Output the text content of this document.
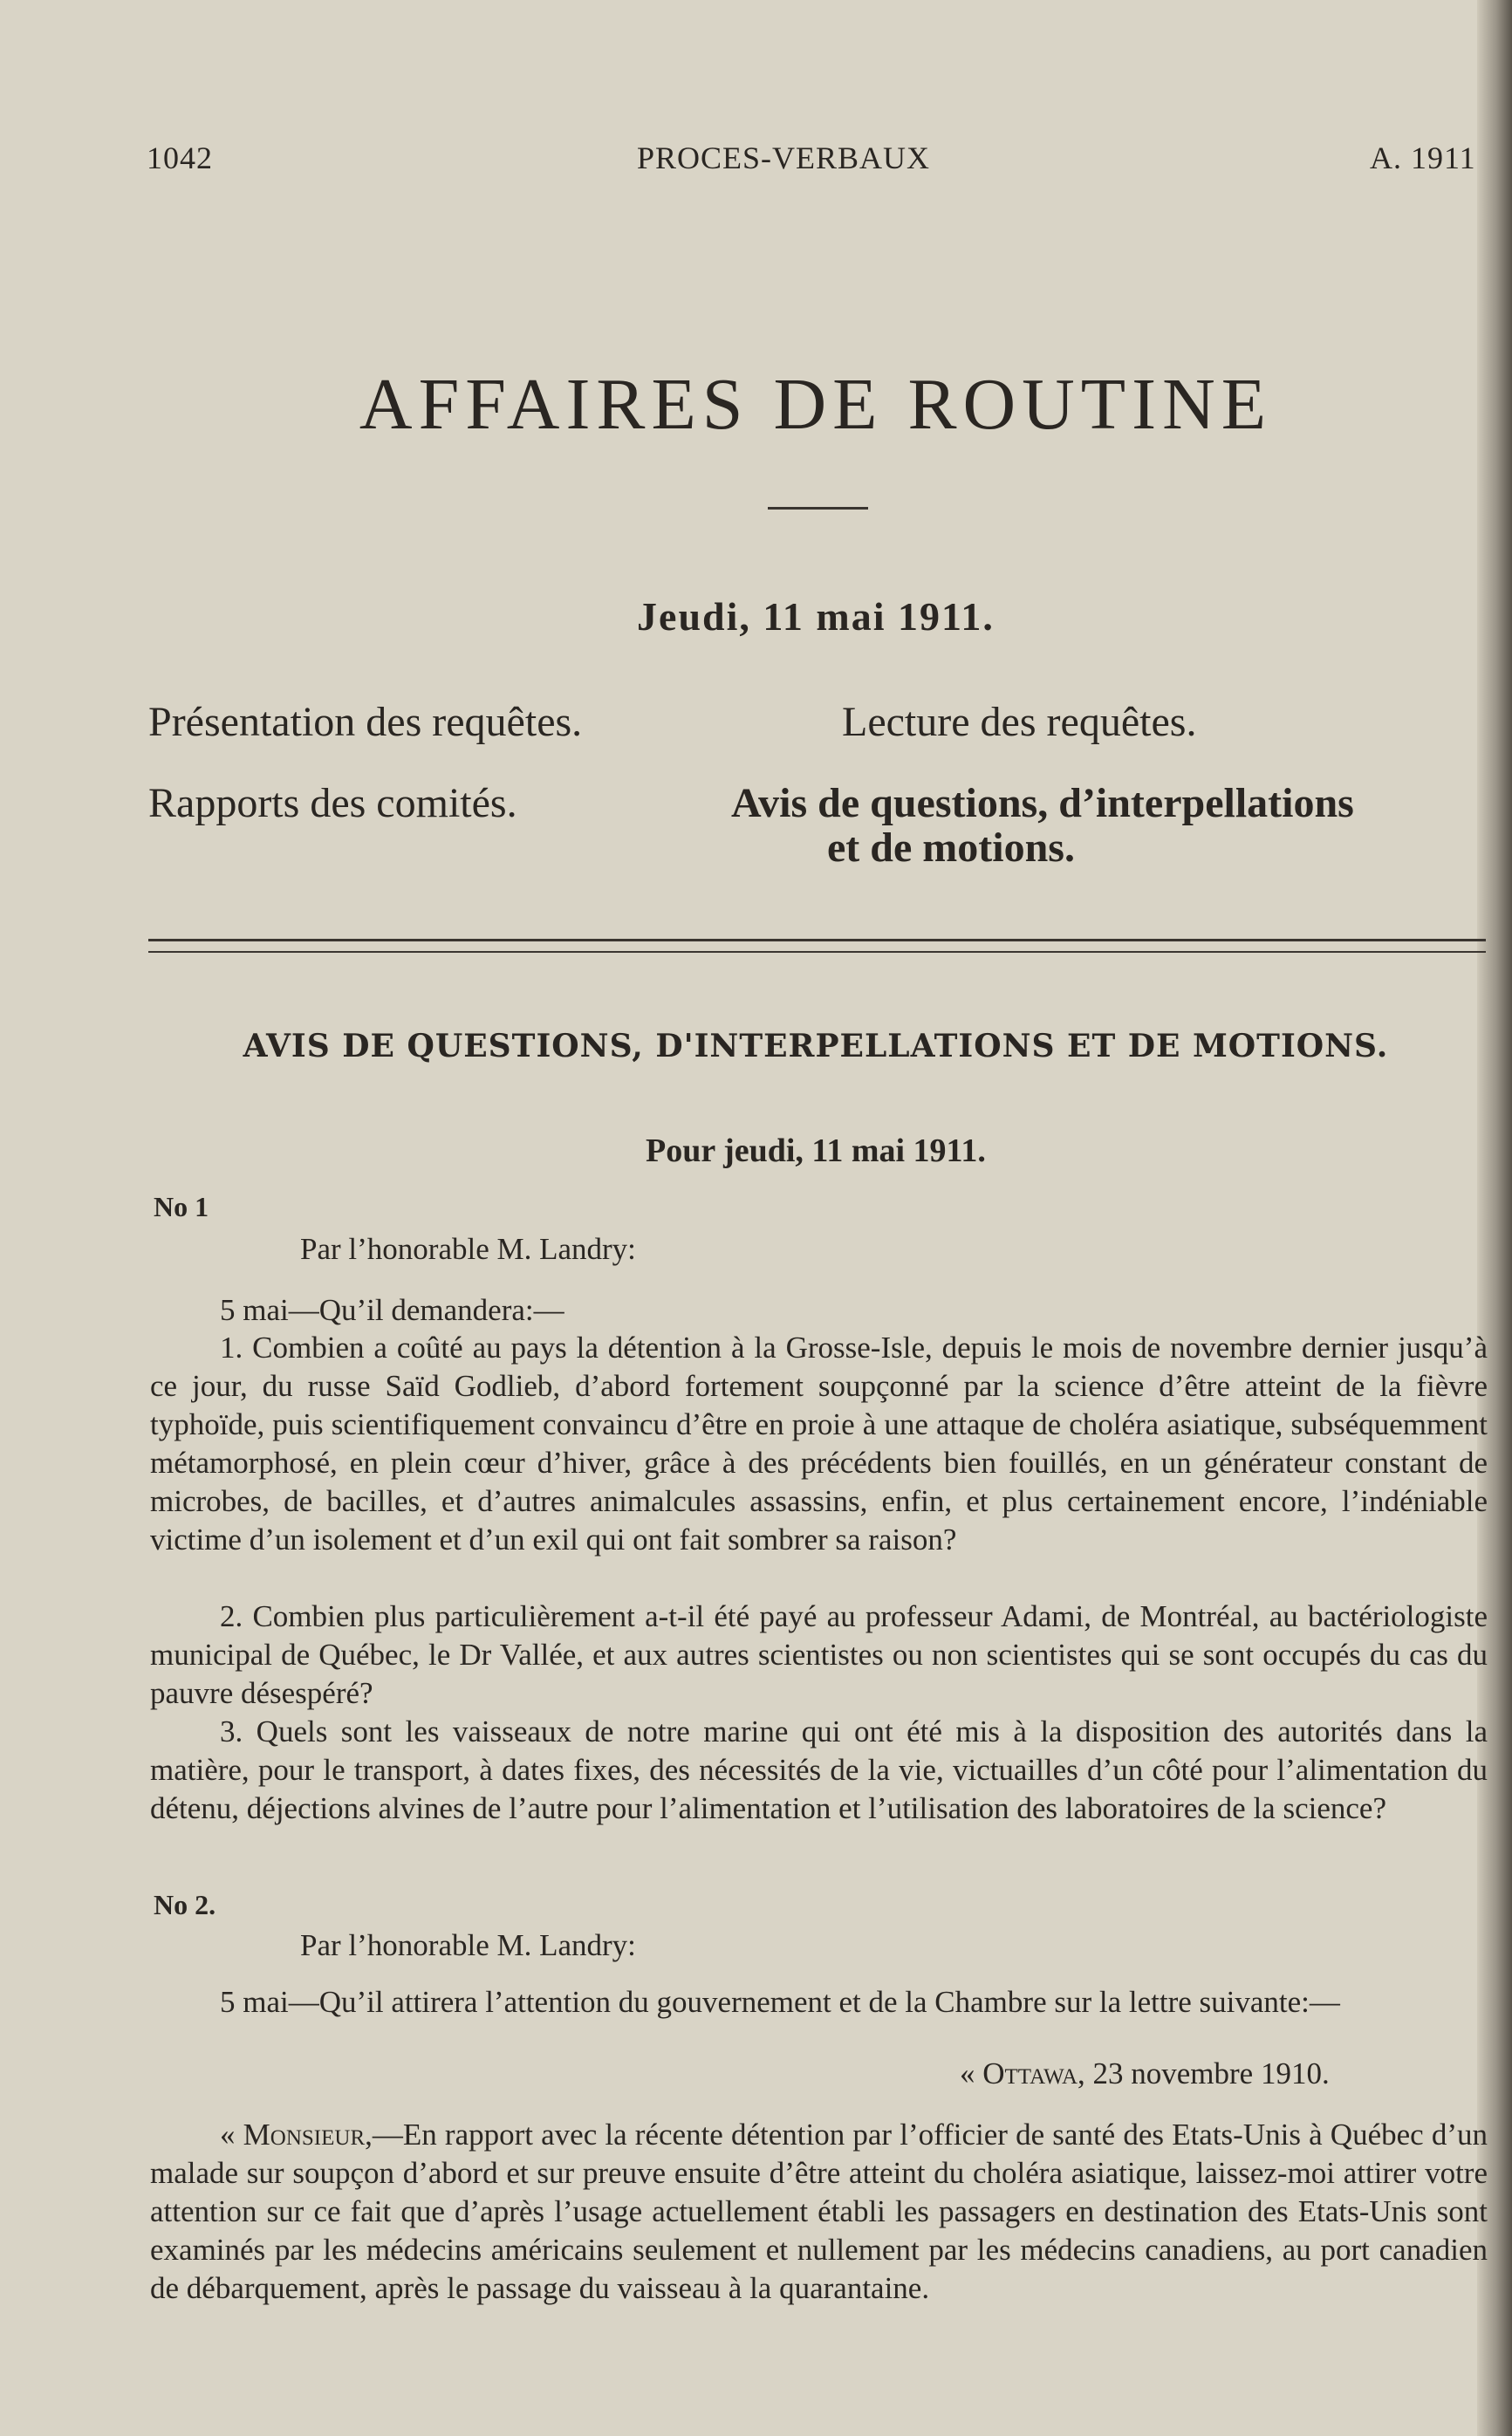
1042	PROCES-VERBAUX	A. 1911
AFFAIRES DE ROUTINE
Jeudi, 11 mai 1911.
Présentation des requêtes.	Lecture des requêtes.
Rapports des comités.	Avis de questions, d’interpellations
et de motions.
AVIS DE QUESTIONS, D'INTERPELLATIONS ET DE MOTIONS.
Pour jeudi, 11 mai 1911.
No 1
Par l’honorable M. Landry:
5 mai—Qu’il demandera:—
1. Combien a coûté au pays la détention à la Grosse-Isle, depuis le mois de novembre dernier jusqu’à ce jour, du russe Saïd Godlieb, d’abord fortement soupçonné par la science d’être atteint de la fièvre typhoïde, puis scientifiquement convaincu d’être en proie à une attaque de choléra asiatique, subséquemment métamorphosé, en plein cœur d’hiver, grâce à des précédents bien fouillés, en un générateur constant de microbes, de bacilles, et d’autres animalcules assassins, enfin, et plus certainement encore, l’indéniable victime d’un isolement et d’un exil qui ont fait sombrer sa raison?
2. Combien plus particulièrement a-t-il été payé au professeur Adami, de Montréal, au bactériologiste municipal de Québec, le Dr Vallée, et aux autres scientistes ou non scientistes qui se sont occupés du cas du pauvre désespéré?
3. Quels sont les vaisseaux de notre marine qui ont été mis à la disposition des autorités dans la matière, pour le transport, à dates fixes, des nécessités de la vie, victuailles d’un côté pour l’alimentation du détenu, déjections alvines de l’autre pour l’alimentation et l’utilisation des laboratoires de la science?
No 2.
Par l’honorable M. Landry:
5 mai—Qu’il attirera l’attention du gouvernement et de la Chambre sur la lettre suivante:—
« Ottawa, 23 novembre 1910.
« Monsieur,—En rapport avec la récente détention par l’officier de santé des Etats-Unis à Québec d’un malade sur soupçon d’abord et sur preuve ensuite d’être atteint du choléra asiatique, laissez-moi attirer votre attention sur ce fait que d’après l’usage actuellement établi les passagers en destination des Etats-Unis sont examinés par les médecins américains seulement et nullement par les médecins canadiens, au port canadien de débarquement, après le passage du vaisseau à la quarantaine.
